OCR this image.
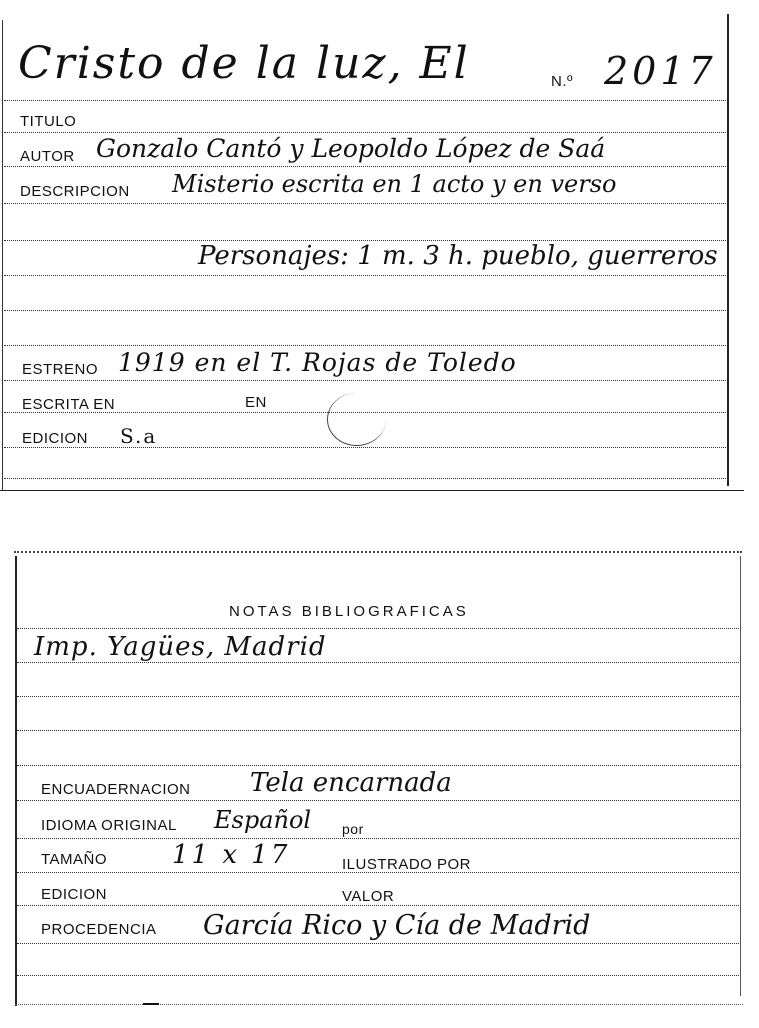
Cristo de la luz, El	N.º 2017
TITULO
AUTOR Gonzalo Cantó y Leopoldo López de Saá
DESCRIPCION Misterio escrita en 1 acto y en verso
Personajes: 1 m. 3 h. pueblo, guerreros
ESTRENO 1919 en el T. Rojas de Toledo
ESCRITA EN	EN
EDICION S.a
NOTAS BIBLIOGRAFICAS
Imp. Yagües, Madrid
ENCUADERNACION Tela encarnada
IDIOMA ORIGINAL Español por
TAMAÑO 11 x 17	ILUSTRADO POR
EDICION	VALOR
PROCEDENCIA García Rico y Cía de Madrid
